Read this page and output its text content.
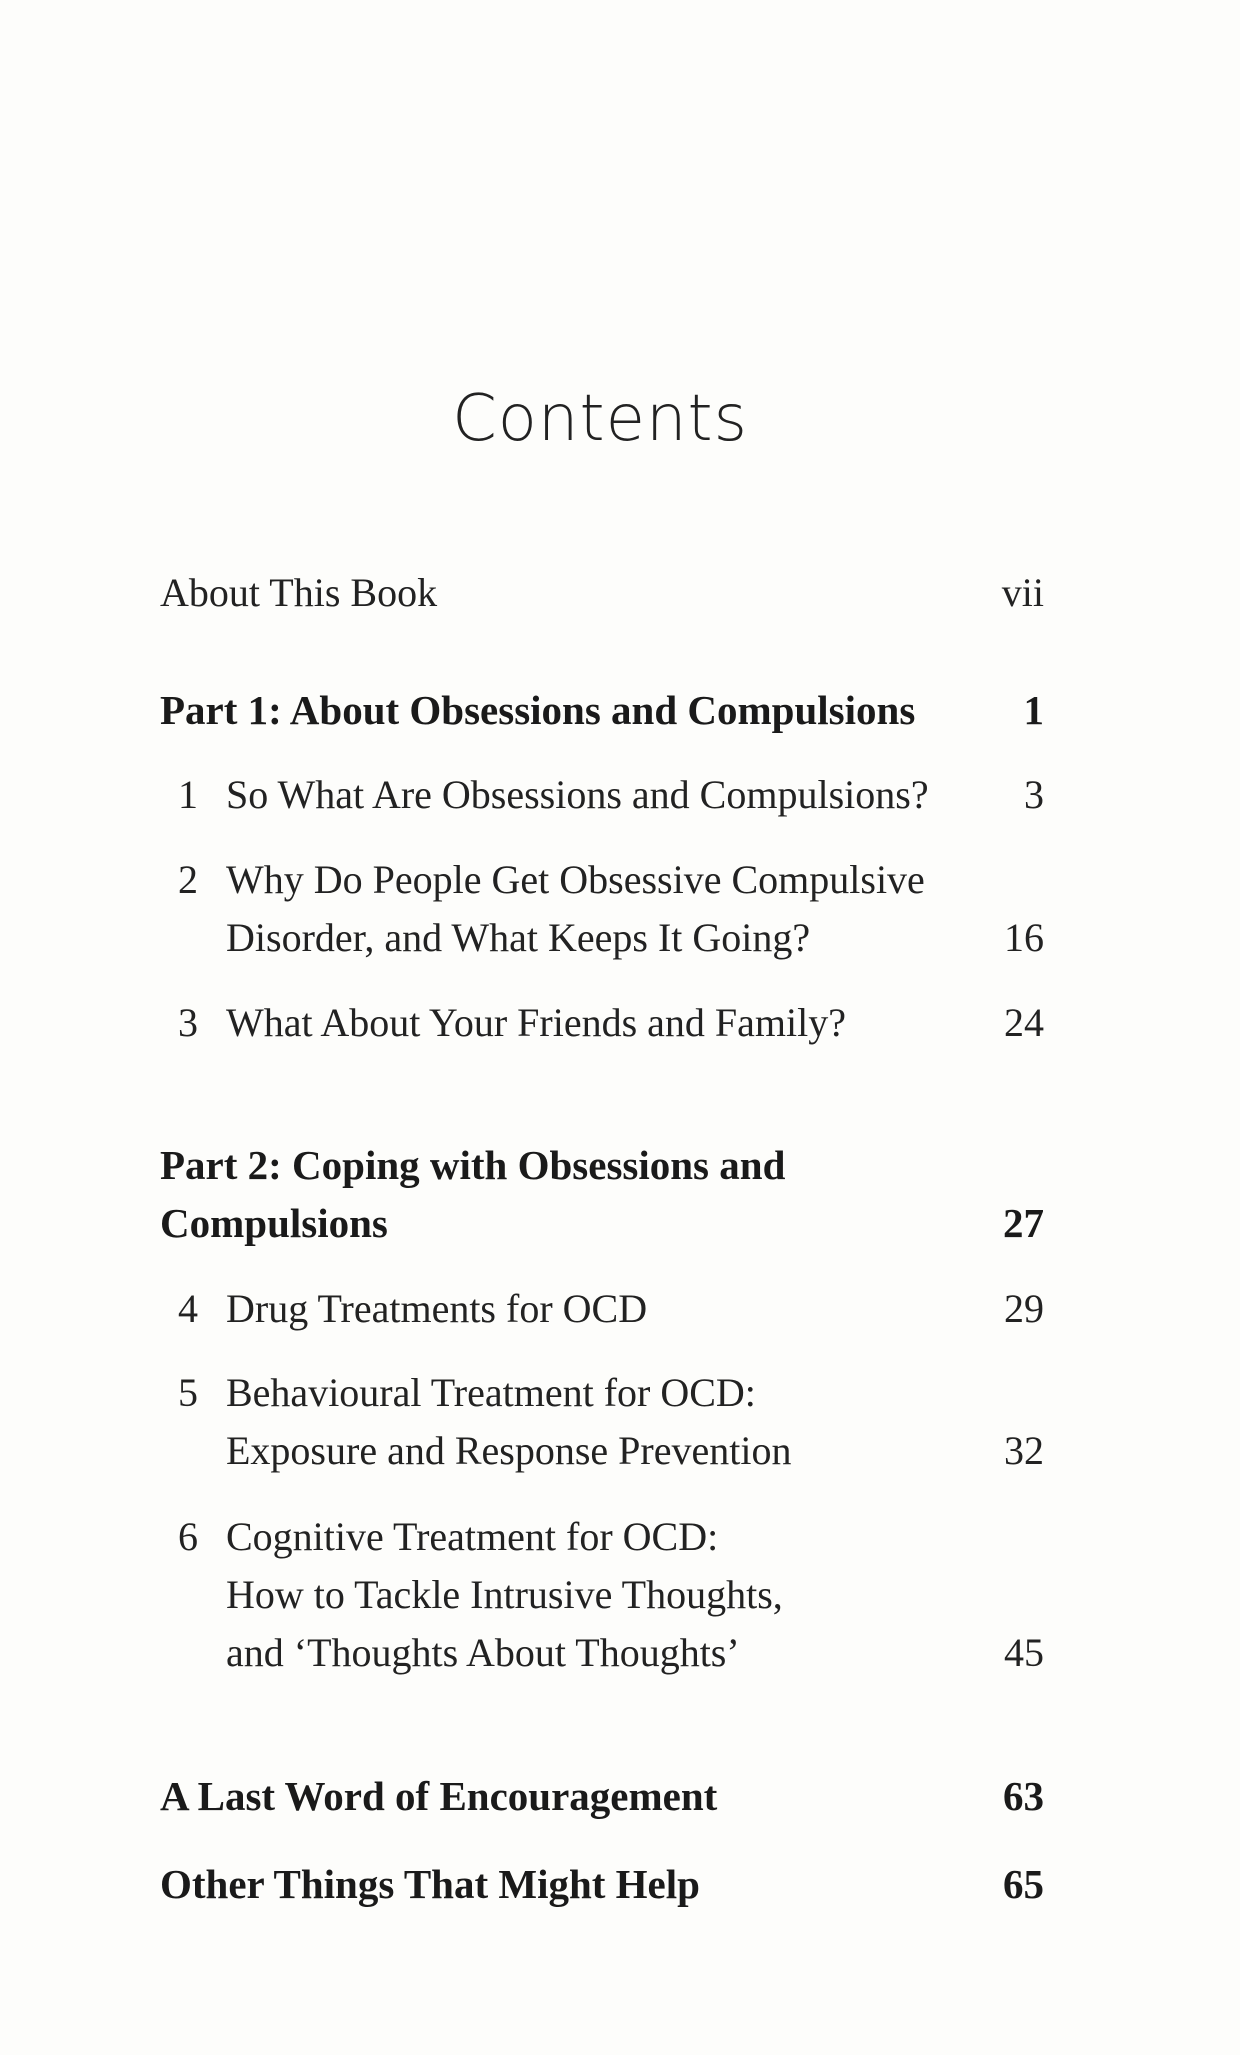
Contents
About This Book	vii
Part 1: About Obsessions and Compulsions	1
1 So What Are Obsessions and Compulsions?	3
2 Why Do People Get Obsessive Compulsive
Disorder, and What Keeps It Going?	16
3 What About Your Friends and Family?	24
Part 2: Coping with Obsessions and
Compulsions	27
4 Drug Treatments for OCD	29
5 Behavioural Treatment for OCD:
Exposure and Response Prevention	32
6 Cognitive Treatment for OCD:
How to Tackle Intrusive Thoughts,
and ‘Thoughts About Thoughts’	45
A Last Word of Encouragement	63
Other Things That Might Help	65
